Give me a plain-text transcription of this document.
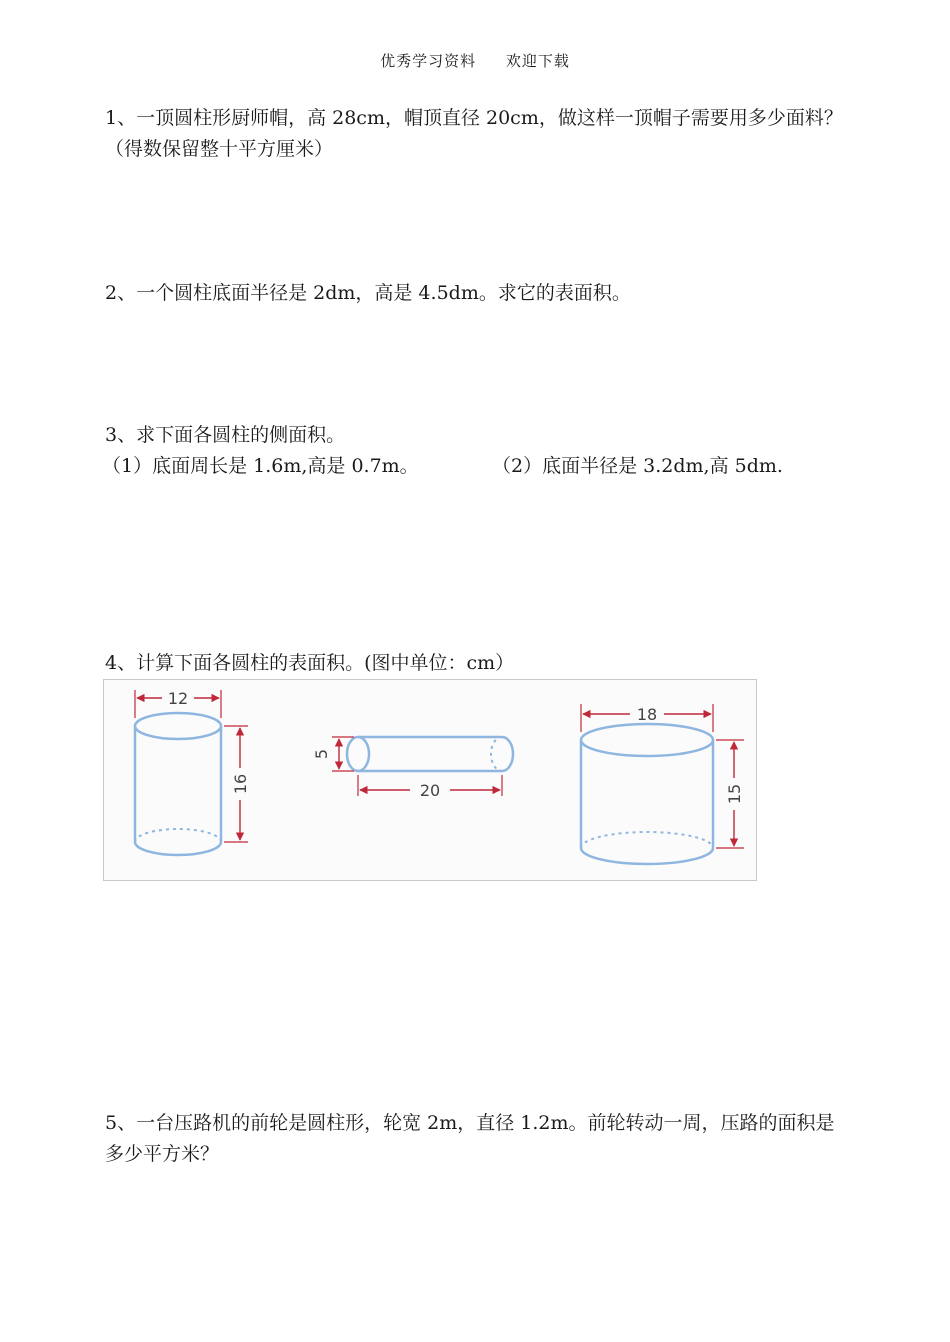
优秀学习资料 欢迎下载
1、一顶圆柱形厨师帽，高 28cm，帽顶直径 20cm，做这样一顶帽子需要用多少面料？（得数保留整十平方厘米）
2、一个圆柱底面半径是 2dm，高是 4.5dm。求它的表面积。
3、求下面各圆柱的侧面积。
（1）底面周长是 1.6m,高是 0.7m。	（2）底面半径是 3.2dm,高 5dm.
4、计算下面各圆柱的表面积。(图中单位：cm）
12
16
5
20
18
15
5、一台压路机的前轮是圆柱形，轮宽 2m，直径 1.2m。前轮转动一周，压路的面积是多少平方米？
